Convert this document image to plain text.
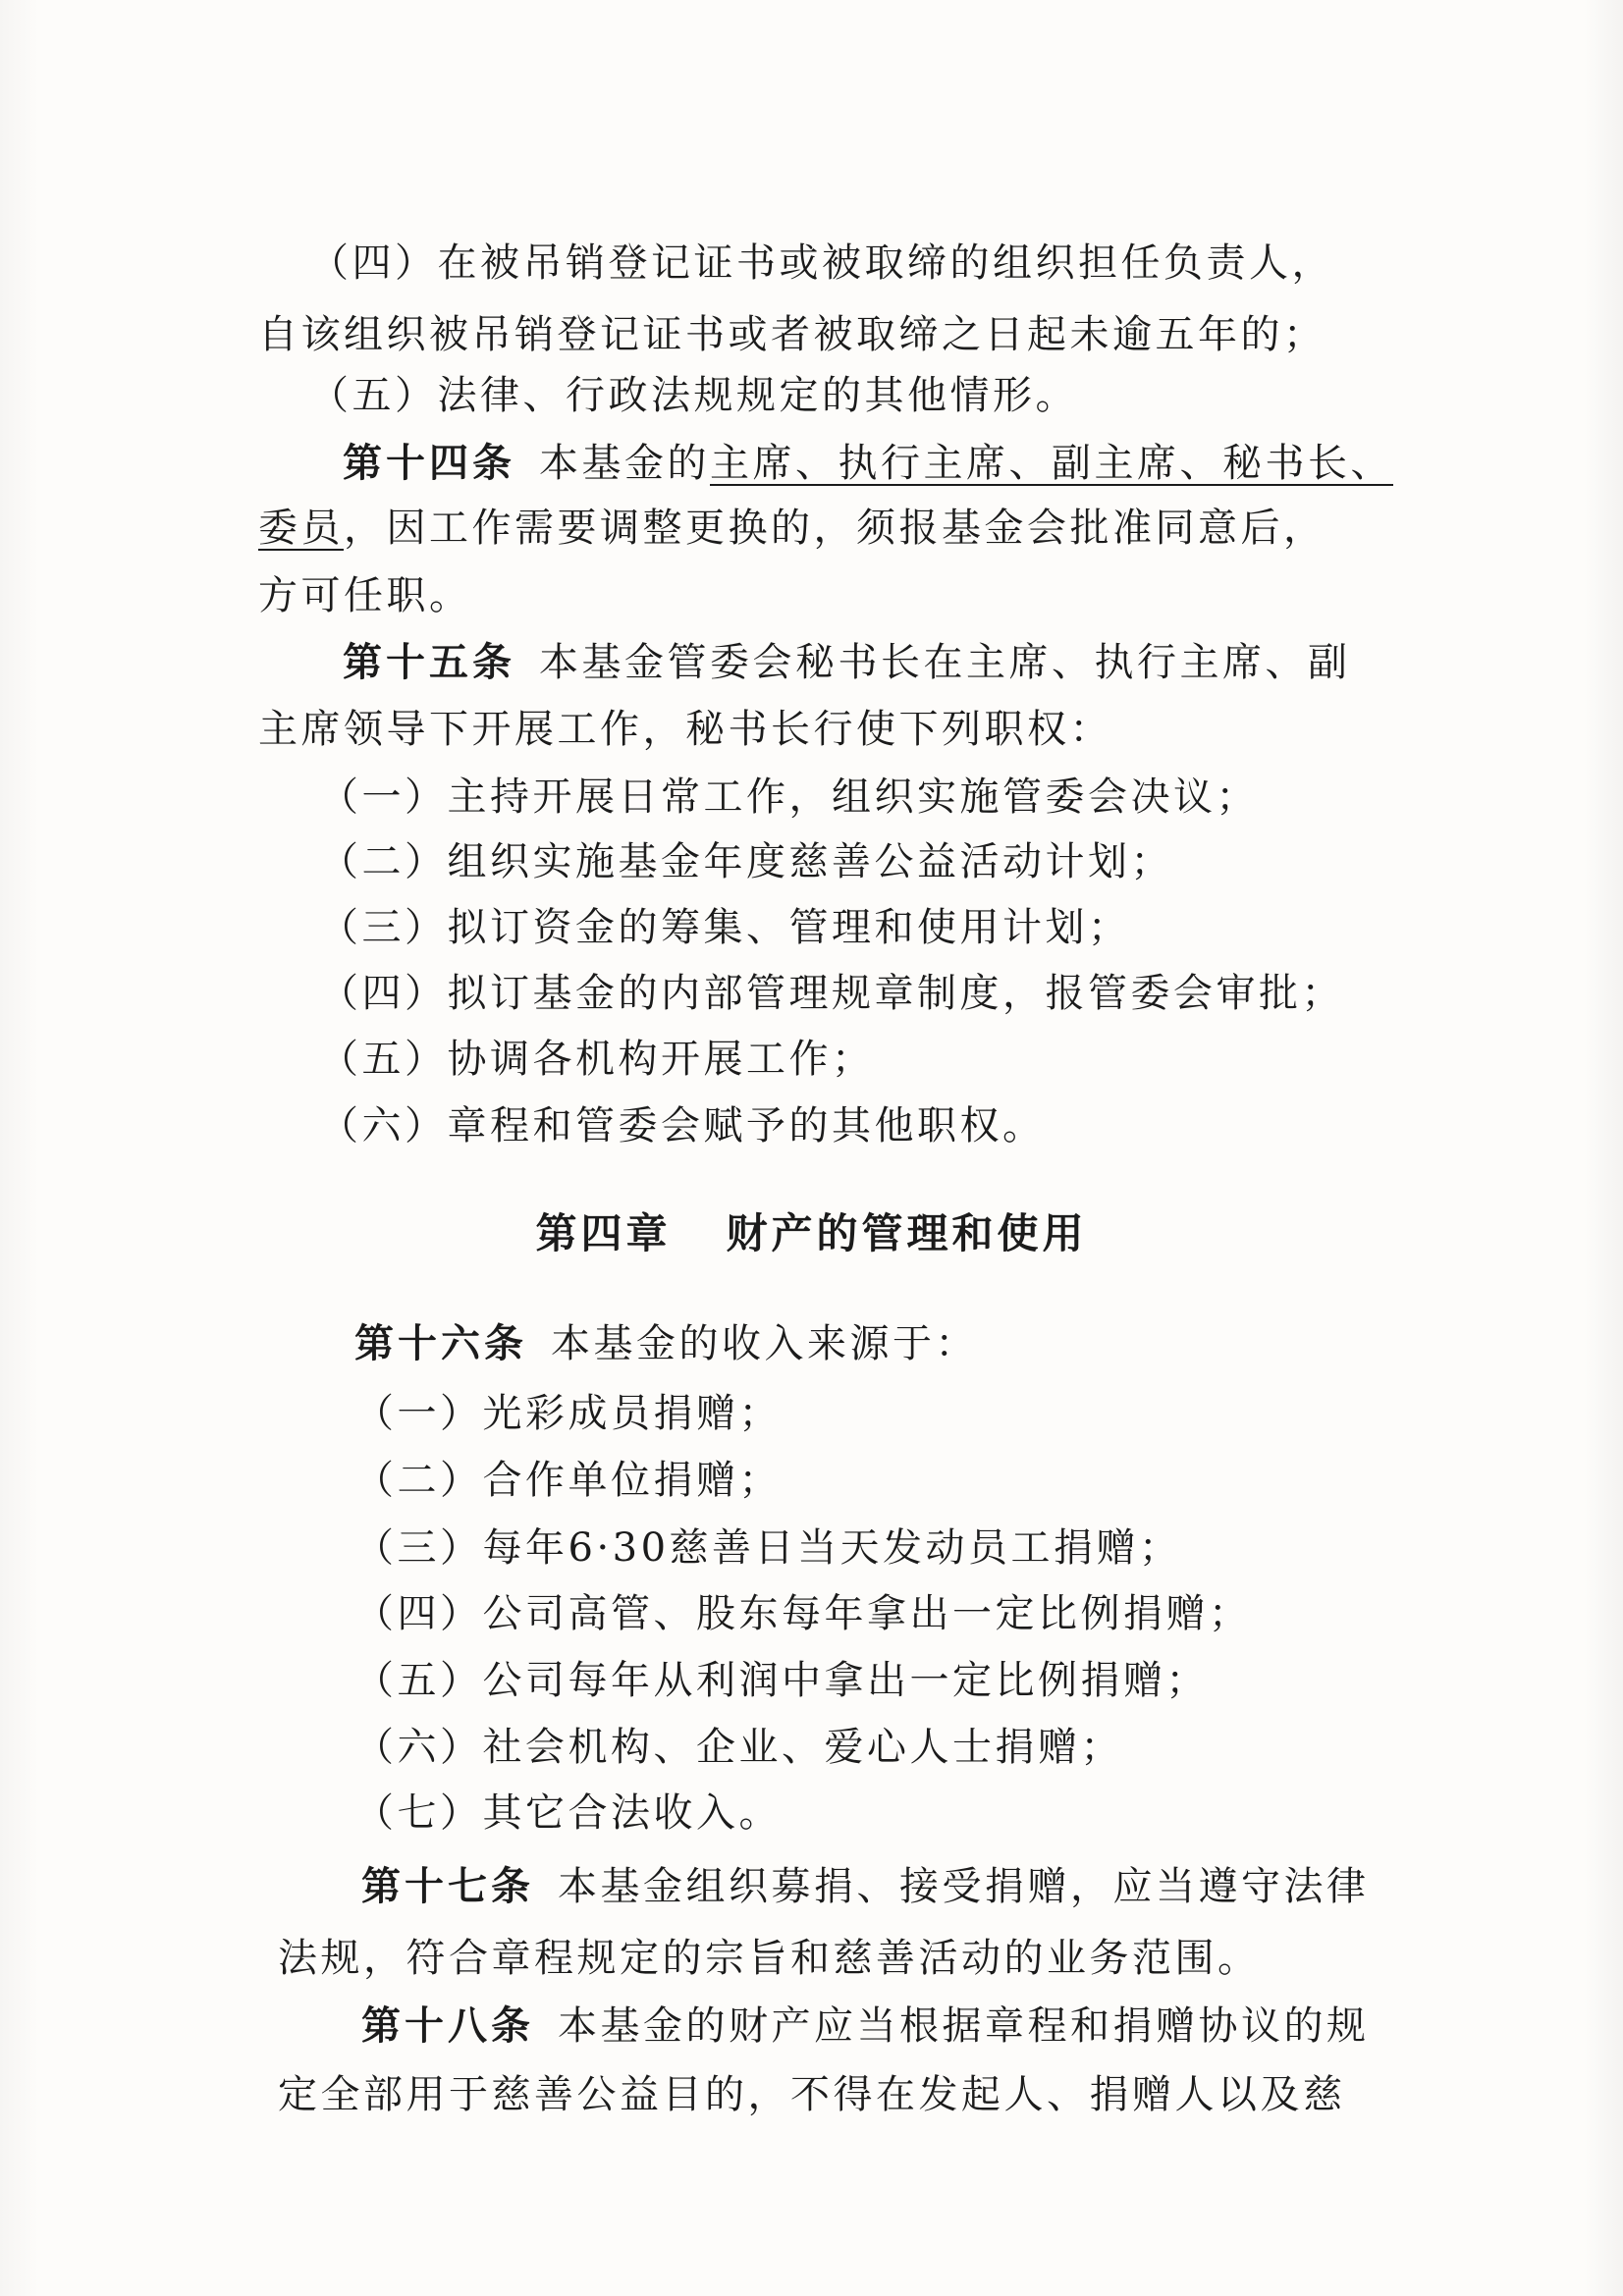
（四）在被吊销登记证书或被取缔的组织担任负责人，
自该组织被吊销登记证书或者被取缔之日起未逾五年的；
（五）法律、行政法规规定的其他情形。
第十四条 本基金的主席、执行主席、副主席、秘书长、
委员，因工作需要调整更换的，须报基金会批准同意后，
方可任职。
第十五条 本基金管委会秘书长在主席、执行主席、副
主席领导下开展工作，秘书长行使下列职权：
（一）主持开展日常工作，组织实施管委会决议；
（二）组织实施基金年度慈善公益活动计划；
（三）拟订资金的筹集、管理和使用计划；
（四）拟订基金的内部管理规章制度，报管委会审批；
（五）协调各机构开展工作；
（六）章程和管委会赋予的其他职权。
第四章 财产的管理和使用
第十六条 本基金的收入来源于：
（一）光彩成员捐赠；
（二）合作单位捐赠；
（三）每年6·30慈善日当天发动员工捐赠；
（四）公司高管、股东每年拿出一定比例捐赠；
（五）公司每年从利润中拿出一定比例捐赠；
（六）社会机构、企业、爱心人士捐赠；
（七）其它合法收入。
第十七条 本基金组织募捐、接受捐赠，应当遵守法律
法规，符合章程规定的宗旨和慈善活动的业务范围。
第十八条 本基金的财产应当根据章程和捐赠协议的规
定全部用于慈善公益目的，不得在发起人、捐赠人以及慈
